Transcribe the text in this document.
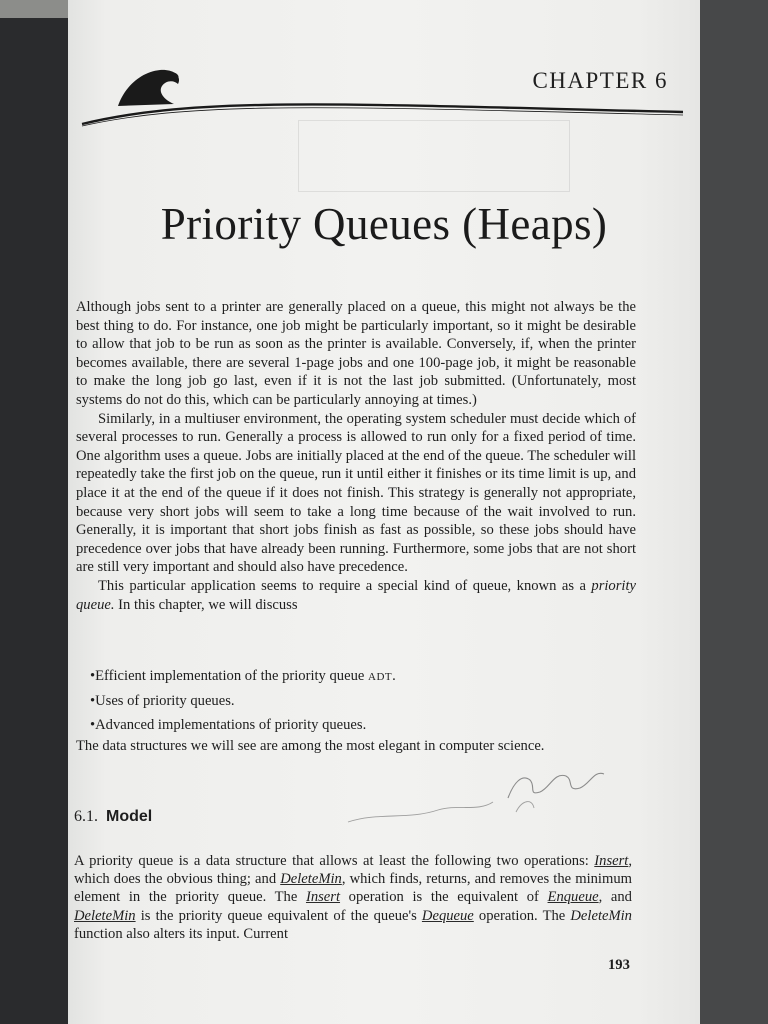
CHAPTER 6
Priority Queues (Heaps)

Although jobs sent to a printer are generally placed on a queue, this might not always be the best thing to do. For instance, one job might be particularly important, so it might be desirable to allow that job to be run as soon as the printer is available. Conversely, if, when the printer becomes available, there are several 1-page jobs and one 100-page job, it might be reasonable to make the long job go last, even if it is not the last job submitted. (Unfortunately, most systems do not do this, which can be particularly annoying at times.)

Similarly, in a multiuser environment, the operating system scheduler must decide which of several processes to run. Generally a process is allowed to run only for a fixed period of time. One algorithm uses a queue. Jobs are initially placed at the end of the queue. The scheduler will repeatedly take the first job on the queue, run it until either it finishes or its time limit is up, and place it at the end of the queue if it does not finish. This strategy is generally not appropriate, because very short jobs will seem to take a long time because of the wait involved to run. Generally, it is important that short jobs finish as fast as possible, so these jobs should have precedence over jobs that have already been running. Furthermore, some jobs that are not short are still very important and should also have precedence.

This particular application seems to require a special kind of queue, known as a priority queue. In this chapter, we will discuss

•Efficient implementation of the priority queue ADT.
•Uses of priority queues.
•Advanced implementations of priority queues.
The data structures we will see are among the most elegant in computer science.
6.1. Model
A priority queue is a data structure that allows at least the following two operations: Insert, which does the obvious thing; and DeleteMin, which finds, returns, and removes the minimum element in the priority queue. The Insert operation is the equivalent of Enqueue, and DeleteMin is the priority queue equivalent of the queue's Dequeue operation. The DeleteMin function also alters its input. Current
193
